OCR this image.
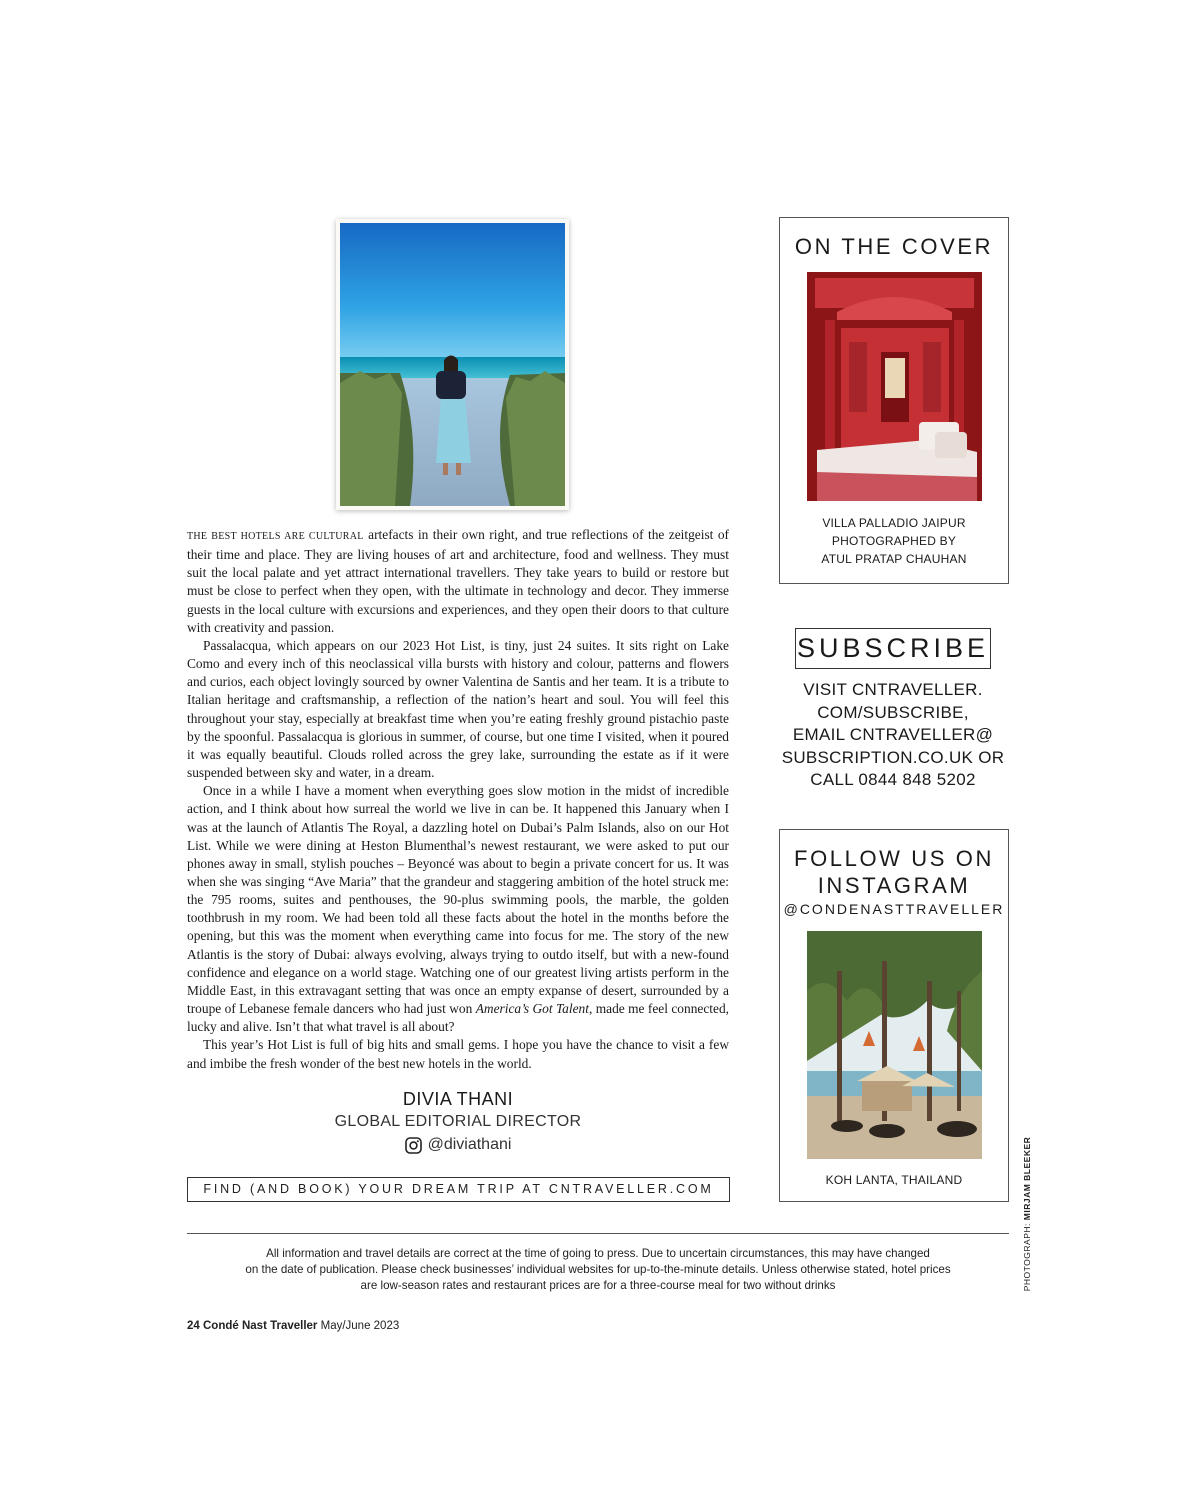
THE BEST HOTELS ARE CULTURAL artefacts in their own right, and true reflections of the zeitgeist of their time and place. They are living houses of art and architecture, food and wellness. They must suit the local palate and yet attract international travellers. They take years to build or restore but must be close to perfect when they open, with the ultimate in technology and decor. They immerse guests in the local culture with excursions and experiences, and they open their doors to that culture with creativity and passion.

Passalacqua, which appears on our 2023 Hot List, is tiny, just 24 suites. It sits right on Lake Como and every inch of this neoclassical villa bursts with history and colour, patterns and flowers and curios, each object lovingly sourced by owner Valentina de Santis and her team. It is a tribute to Italian heritage and craftsmanship, a reflection of the nation’s heart and soul. You will feel this throughout your stay, especially at breakfast time when you’re eating freshly ground pistachio paste by the spoonful. Passalacqua is glorious in summer, of course, but one time I visited, when it poured it was equally beautiful. Clouds rolled across the grey lake, surrounding the estate as if it were suspended between sky and water, in a dream.

Once in a while I have a moment when everything goes slow motion in the midst of incredible action, and I think about how surreal the world we live in can be. It happened this January when I was at the launch of Atlantis The Royal, a dazzling hotel on Dubai’s Palm Islands, also on our Hot List. While we were dining at Heston Blumenthal’s newest restaurant, we were asked to put our phones away in small, stylish pouches – Beyoncé was about to begin a private concert for us. It was when she was singing “Ave Maria” that the grandeur and staggering ambition of the hotel struck me: the 795 rooms, suites and penthouses, the 90-plus swimming pools, the marble, the golden toothbrush in my room. We had been told all these facts about the hotel in the months before the opening, but this was the moment when everything came into focus for me. The story of the new Atlantis is the story of Dubai: always evolving, always trying to outdo itself, but with a new-found confidence and elegance on a world stage. Watching one of our greatest living artists perform in the Middle East, in this extravagant setting that was once an empty expanse of desert, surrounded by a troupe of Lebanese female dancers who had just won America’s Got Talent, made me feel connected, lucky and alive. Isn’t that what travel is all about?

This year’s Hot List is full of big hits and small gems. I hope you have the chance to visit a few and imbibe the fresh wonder of the best new hotels in the world.

DIVIA THANI
GLOBAL EDITORIAL DIRECTOR
@diviathani
FIND (AND BOOK) YOUR DREAM TRIP AT CNTRAVELLER.COM
ON THE COVER
VILLA PALLADIO JAIPUR
PHOTOGRAPHED BY
ATUL PRATAP CHAUHAN
SUBSCRIBE
VISIT CNTRAVELLER.
COM/SUBSCRIBE,
EMAIL CNTRAVELLER@
SUBSCRIPTION.CO.UK OR
CALL 0844 848 5202
FOLLOW US ON
INSTAGRAM
@CONDENASTTRAVELLER
KOH LANTA, THAILAND
PHOTOGRAPH: MIRJAM BLEEKER
All information and travel details are correct at the time of going to press. Due to uncertain circumstances, this may have changed
on the date of publication. Please check businesses’ individual websites for up-to-the-minute details. Unless otherwise stated, hotel prices
are low-season rates and restaurant prices are for a three-course meal for two without drinks
24 Condé Nast Traveller May/June 2023
